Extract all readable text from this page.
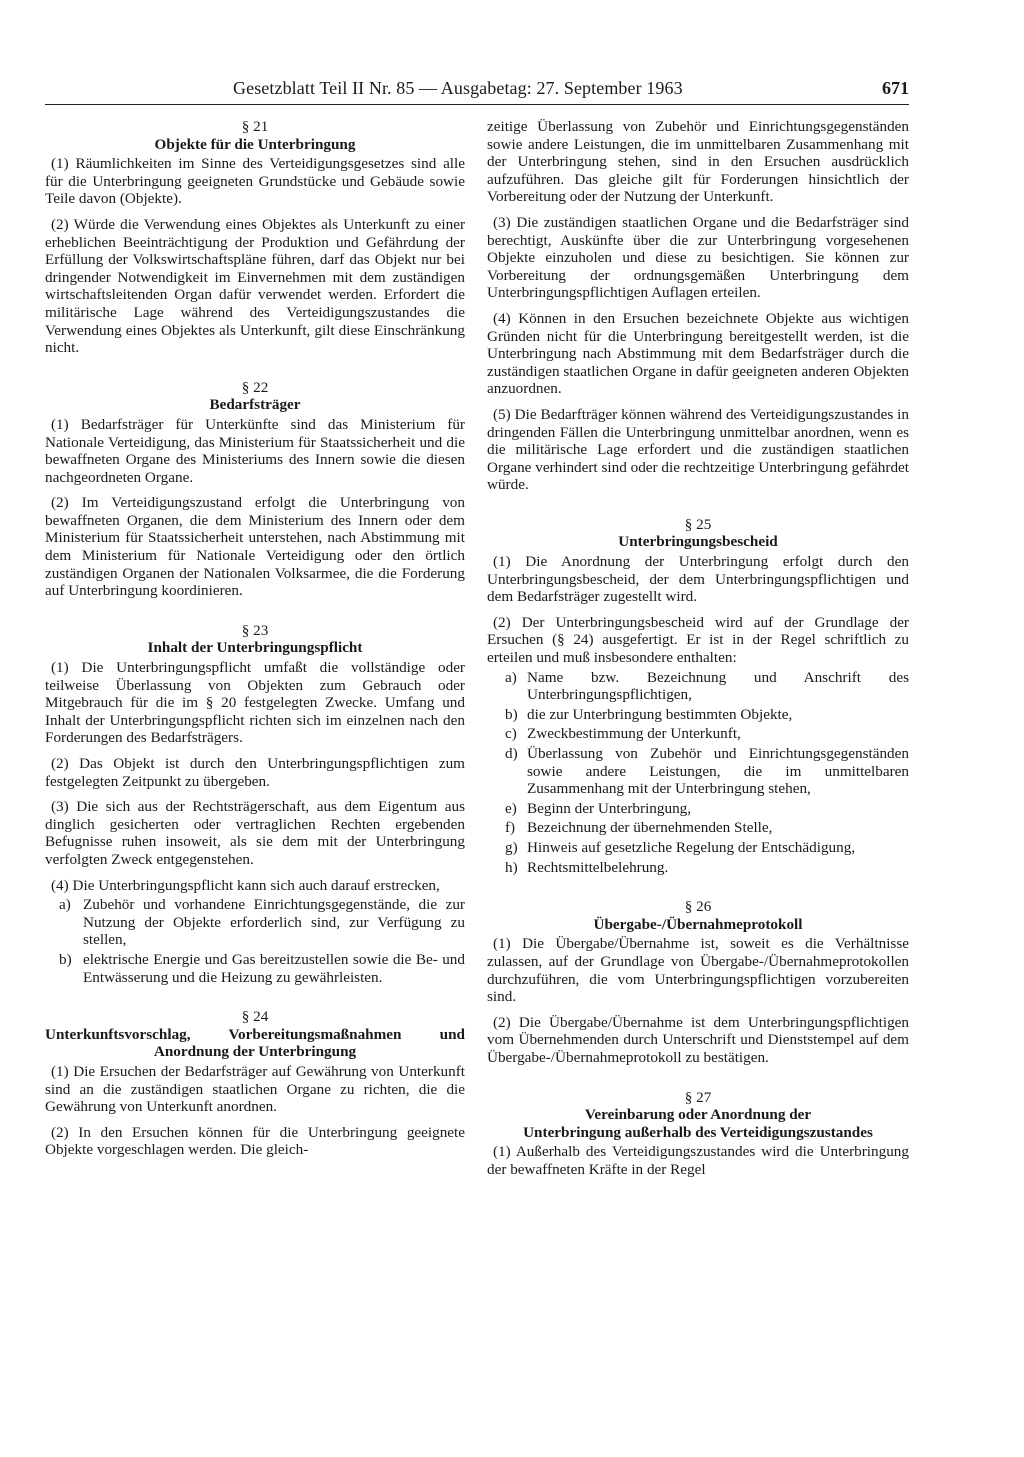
Gesetzblatt Teil II Nr. 85 — Ausgabetag: 27. September 1963	671

§ 21

Objekte für die Unterbringung

(1) Räumlichkeiten im Sinne des Verteidigungsgesetzes sind alle für die Unterbringung geeigneten Grundstücke und Gebäude sowie Teile davon (Objekte).

(2) Würde die Verwendung eines Objektes als Unterkunft zu einer erheblichen Beeinträchtigung der Produktion und Gefährdung der Erfüllung der Volkswirtschaftspläne führen, darf das Objekt nur bei dringender Notwendigkeit im Einvernehmen mit dem zuständigen wirtschaftsleitenden Organ dafür verwendet werden. Erfordert die militärische Lage während des Verteidigungszustandes die Verwendung eines Objektes als Unterkunft, gilt diese Einschränkung nicht.

§ 22

Bedarfsträger

(1) Bedarfsträger für Unterkünfte sind das Ministerium für Nationale Verteidigung, das Ministerium für Staatssicherheit und die bewaffneten Organe des Ministeriums des Innern sowie die diesen nachgeordneten Organe.

(2) Im Verteidigungszustand erfolgt die Unterbringung von bewaffneten Organen, die dem Ministerium des Innern oder dem Ministerium für Staatssicherheit unterstehen, nach Abstimmung mit dem Ministerium für Nationale Verteidigung oder den örtlich zuständigen Organen der Nationalen Volksarmee, die die Forderung auf Unterbringung koordinieren.

§ 23

Inhalt der Unterbringungspflicht

(1) Die Unterbringungspflicht umfaßt die vollständige oder teilweise Überlassung von Objekten zum Gebrauch oder Mitgebrauch für die im § 20 festgelegten Zwecke. Umfang und Inhalt der Unterbringungspflicht richten sich im einzelnen nach den Forderungen des Bedarfsträgers.

(2) Das Objekt ist durch den Unterbringungspflichtigen zum festgelegten Zeitpunkt zu übergeben.

(3) Die sich aus der Rechtsträgerschaft, aus dem Eigentum aus dinglich gesicherten oder vertraglichen Rechten ergebenden Befugnisse ruhen insoweit, als sie dem mit der Unterbringung verfolgten Zweck entgegenstehen.

(4) Die Unterbringungspflicht kann sich auch darauf erstrecken,

a) Zubehör und vorhandene Einrichtungsgegenstände, die zur Nutzung der Objekte erforderlich sind, zur Verfügung zu stellen,
b) elektrische Energie und Gas bereitzustellen sowie die Be- und Entwässerung und die Heizung zu gewährleisten.

§ 24

Unterkunftsvorschlag, Vorbereitungsmaßnahmen und

Anordnung der Unterbringung

(1) Die Ersuchen der Bedarfsträger auf Gewährung von Unterkunft sind an die zuständigen staatlichen Organe zu richten, die die Gewährung von Unterkunft anordnen.

(2) In den Ersuchen können für die Unterbringung geeignete Objekte vorgeschlagen werden. Die gleich-

zeitige Überlassung von Zubehör und Einrichtungsgegenständen sowie andere Leistungen, die im unmittelbaren Zusammenhang mit der Unterbringung stehen, sind in den Ersuchen ausdrücklich aufzuführen. Das gleiche gilt für Forderungen hinsichtlich der Vorbereitung oder der Nutzung der Unterkunft.

(3) Die zuständigen staatlichen Organe und die Bedarfsträger sind berechtigt, Auskünfte über die zur Unterbringung vorgesehenen Objekte einzuholen und diese zu besichtigen. Sie können zur Vorbereitung der ordnungsgemäßen Unterbringung dem Unterbringungspflichtigen Auflagen erteilen.

(4) Können in den Ersuchen bezeichnete Objekte aus wichtigen Gründen nicht für die Unterbringung bereitgestellt werden, ist die Unterbringung nach Abstimmung mit dem Bedarfsträger durch die zuständigen staatlichen Organe in dafür geeigneten anderen Objekten anzuordnen.

(5) Die Bedarfträger können während des Verteidigungszustandes in dringenden Fällen die Unterbringung unmittelbar anordnen, wenn es die militärische Lage erfordert und die zuständigen staatlichen Organe verhindert sind oder die rechtzeitige Unterbringung gefährdet würde.

§ 25

Unterbringungsbescheid

(1) Die Anordnung der Unterbringung erfolgt durch den Unterbringungsbescheid, der dem Unterbringungspflichtigen und dem Bedarfsträger zugestellt wird.

(2) Der Unterbringungsbescheid wird auf der Grundlage der Ersuchen (§ 24) ausgefertigt. Er ist in der Regel schriftlich zu erteilen und muß insbesondere enthalten:

a) Name bzw. Bezeichnung und Anschrift des Unterbringungspflichtigen,
b) die zur Unterbringung bestimmten Objekte,
c) Zweckbestimmung der Unterkunft,
d) Überlassung von Zubehör und Einrichtungsgegenständen sowie andere Leistungen, die im unmittelbaren Zusammenhang mit der Unterbringung stehen,
e) Beginn der Unterbringung,
f) Bezeichnung der übernehmenden Stelle,
g) Hinweis auf gesetzliche Regelung der Entschädigung,
h) Rechtsmittelbelehrung.

§ 26

Übergabe-/Übernahmeprotokoll

(1) Die Übergabe/Übernahme ist, soweit es die Verhältnisse zulassen, auf der Grundlage von Übergabe-/Übernahmeprotokollen durchzuführen, die vom Unterbringungspflichtigen vorzubereiten sind.

(2) Die Übergabe/Übernahme ist dem Unterbringungspflichtigen vom Übernehmenden durch Unterschrift und Dienststempel auf dem Übergabe-/Übernahmeprotokoll zu bestätigen.

§ 27

Vereinbarung oder Anordnung der

Unterbringung außerhalb des Verteidigungszustandes

(1) Außerhalb des Verteidigungszustandes wird die Unterbringung der bewaffneten Kräfte in der Regel
